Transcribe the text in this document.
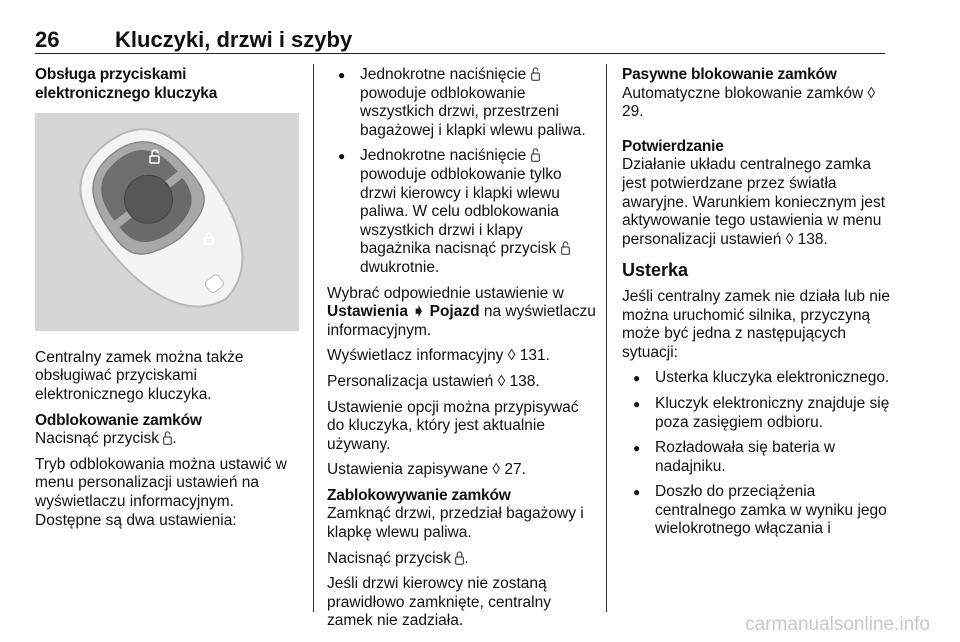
26	Kluczyki, drzwi i szyby

Obsługa przyciskami elektronicznego kluczyka

Centralny zamek można także obsługiwać przyciskami elektronicznego kluczyka.

Odblokowanie zamków

Nacisnąć przycisk .

Tryb odblokowania można ustawić w menu personalizacji ustawień na wyświetlaczu informacyjnym. Dostępne są dwa ustawienia:

● Jednokrotne naciśnięcie  powoduje odblokowanie wszystkich drzwi, przestrzeni bagażowej i klapki wlewu paliwa.

● Jednokrotne naciśnięcie  powoduje odblokowanie tylko drzwi kierowcy i klapki wlewu paliwa. W celu odblokowania wszystkich drzwi i klapy bagażnika nacisnąć przycisk  dwukrotnie.

Wybrać odpowiednie ustawienie w Ustawienia ➧ Pojazd na wyświetlaczu informacyjnym.

Wyświetlacz informacyjny ◊ 131.

Personalizacja ustawień ◊ 138.

Ustawienie opcji można przypisywać do kluczyka, który jest aktualnie używany.

Ustawienia zapisywane ◊ 27.

Zablokowywanie zamków

Zamknąć drzwi, przedział bagażowy i klapkę wlewu paliwa.

Nacisnąć przycisk .

Jeśli drzwi kierowcy nie zostaną prawidłowo zamknięte, centralny zamek nie zadziała.

Pasywne blokowanie zamków

Automatyczne blokowanie zamków ◊ 29.

Potwierdzanie

Działanie układu centralnego zamka jest potwierdzane przez światła awaryjne. Warunkiem koniecznym jest aktywowanie tego ustawienia w menu personalizacji ustawień ◊ 138.

Usterka

Jeśli centralny zamek nie działa lub nie można uruchomić silnika, przyczyną może być jedna z następujących sytuacji:

● Usterka kluczyka elektronicznego.

● Kluczyk elektroniczny znajduje się poza zasięgiem odbioru.

● Rozładowała się bateria w nadajniku.

● Doszło do przeciążenia centralnego zamka w wyniku jego wielokrotnego włączania i

carmanualsonline.info
